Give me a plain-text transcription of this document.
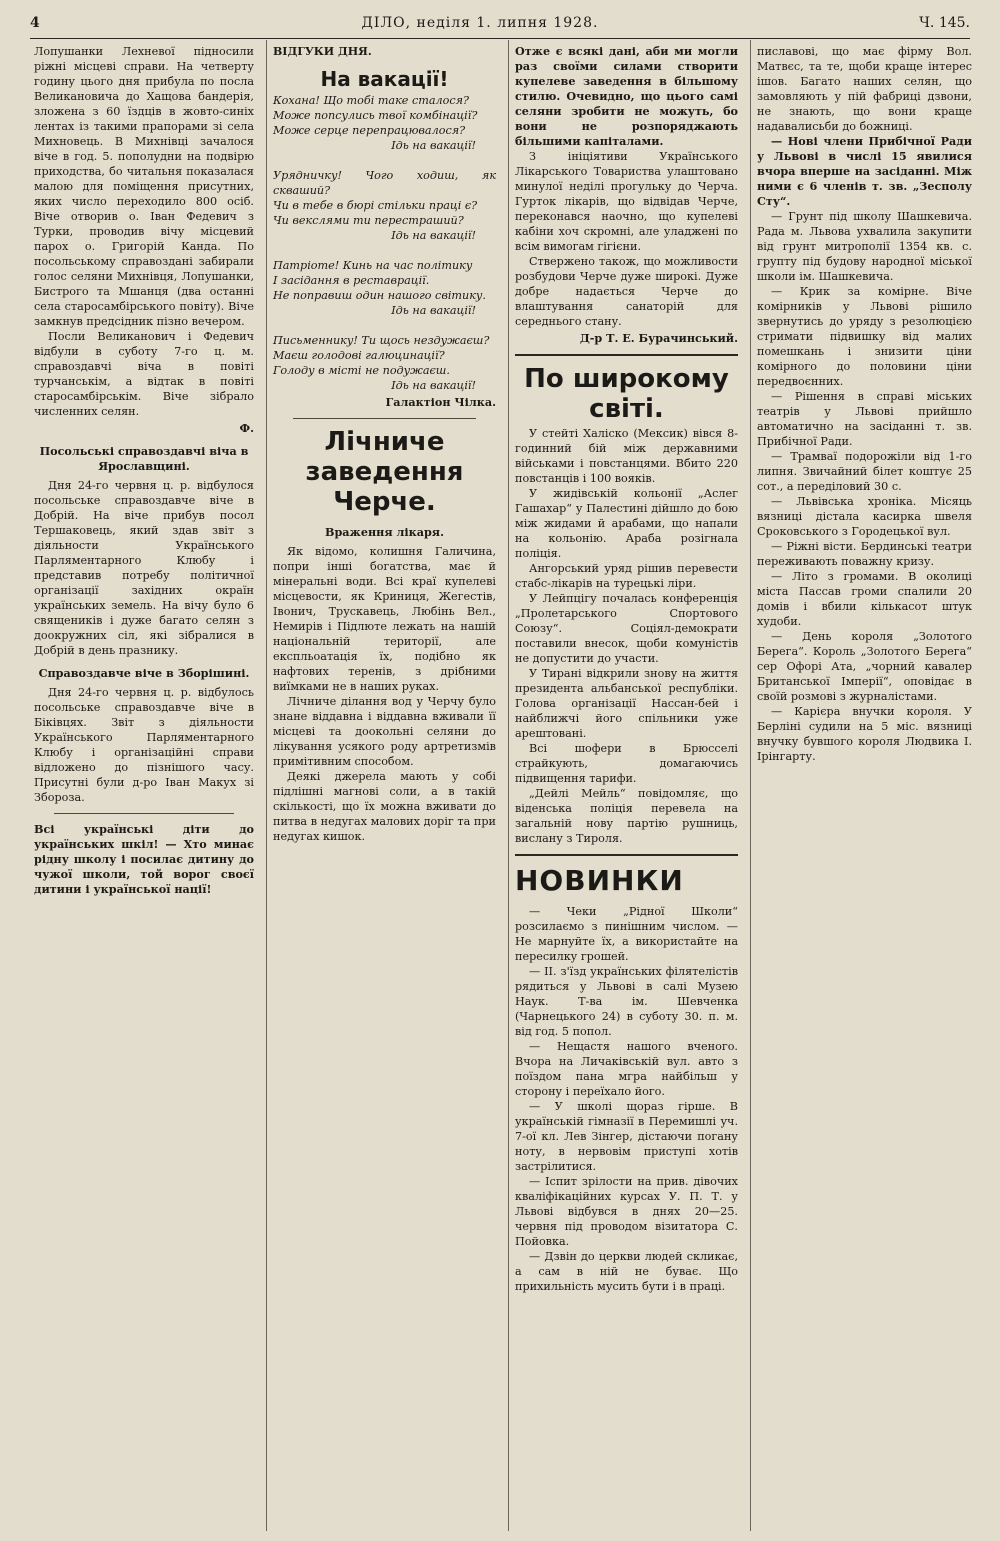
4	ДІЛО, неділя 1. липня 1928.	Ч. 145.

Лопушанки Лехневої підносили ріжні місцеві справи. На четверту годину цього дня прибула по посла Великановича до Хащова бандерія, зложена з 60 їздців в жовто-синіх лентах із такими прапорами зі села Михновець. В Михнівці зачалося віче в год. 5. пополудни на подвірю приходства, бо читальня показалася малою для поміщення присутних, яких число переходило 800 осіб. Віче отворив о. Іван Федевич з Турки, проводив вічу місцевий парох о. Григорій Канда. По посольському справоздані забирали голос селяни Михнівця, Лопушанки, Бистрого та Мшанця (два останні села старосамбірського повіту). Віче замкнув предсідник пізно вечером.

Посли Великанович і Федевич відбули в суботу 7-го ц. м. справоздавчі віча в повіті турчанськім, а відтак в повіті старосамбірськім. Віче зібрало численних селян.

Ф.

Посольські справоздавчі віча в Ярославщині.

Дня 24-го червня ц. р. відбулося посольське справоздавче віче в Добрій. На віче прибув посол Тершаковець, який здав звіт з діяльности Українського Парляментарного Клюбу і представив потребу політичної організації західних окраїн українських земель. На вічу було 6 священиків і дуже багато селян з доокружних сіл, які зібралися в Добрій в день празнику.

Справоздавче віче в Зборішині.

Дня 24-го червня ц. р. відбулось посольське справоздавче віче в Біківцях. Звіт з діяльности Українського Парляментарного Клюбу і організаційні справи відложено до пізнішого часу. Присутні були д-ро Іван Макух зі Збороза.

Всі українські діти до українських шкіл! — Хто минає рідну школу і посилає дитину до чужої школи, той ворог своєї дитини і української нації!

ВІДГУКИ ДНЯ.

На вакації!

Кохана! Що тобі таке сталося?

Може попсулись твої комбінації?

Може серце перепрацювалося?

Ідь на вакації!

Урядничку! Чого ходиш, як скваший?

Чи в тебе в бюрі стільки праці є?

Чи векслями ти перестраший?

Ідь на вакації!

Патріоте! Кинь на час політику

І засідання в реставрації.

Не поправиш один нашого світику.

Ідь на вакації!

Письменнику! Ти щось нездужаєш?

Маєш голодові галюцинації?

Голоду в місті не подужаєш.

Ідь на вакації!

Галактіон Чілка.

Лічниче заведення Черче.

Враження лікаря.

Як відомо, колишня Галичина, попри інші богатства, має й мінеральні води. Всі краї купелеві місцевости, як Криниця, Жегестів, Івонич, Трускавець, Любінь Вел., Немирів і Підлюте лежать на нашій національній території, але експльоатація їх, подібно як нафтових теренів, з дрібними виїмками не в наших руках.

Лічниче ділання вод у Черчу було знане віддавна і віддавна вживали її місцеві та доокольні селяни до лікування усякого роду артретизмів примітивним способом.

Деякі джерела мають у собі підлішні магнові соли, а в такій скількості, що їх можна вживати до питва в недугах малових доріг та при недугах кишок.

Отже є всякі дані, аби ми могли раз своїми силами створити купелеве заведення в більшому стилю. Очевидно, що цього самі селяни зробити не можуть, бо вони не розпоряджають більшими капіталами.

З ініціятиви Українського Лікарського Товариства улаштовано минулої неділі прогульку до Черча. Гурток лікарів, що відвідав Черче, переконався наочно, що купелеві кабіни хоч скромні, але уладжені по всім вимогам гігієни.

Ствержено також, що можливости розбудови Черче дуже широкі. Дуже добре надається Черче до влаштування санаторій для середнього стану.

Д-р Т. Е. Бурачинський.

По широкому світі.

У стейті Халіско (Мексик) вівся 8-годинний бій між державними військами і повстанцями. Вбито 220 повстанців і 100 вояків.

У жидівській кольонії „Аслег Гашахар“ у Палестині дійшло до бою між жидами й арабами, що напали на кольонію. Араба розігнала поліція.

Ангорський уряд рішив перевести стабс-лікарів на турецькі ліри.

У Лейпцігу почалась конференція „Пролетарського Спортового Союзу“. Соціял-демократи поставили внесок, щоби комуністів не допустити до участи.

У Тирані відкрили знову на життя президента альбанської республіки. Голова організації Нассан-бей і найближчі його спільники уже арештовані.

Всі шофери в Брюсселі страйкують, домагаючись підвищення тарифи.

„Дейлі Мейль“ повідомляє, що віденська поліція перевела на загальній нову партію рушниць, вислану з Тирoля.

НОВИНКИ

— Чеки „Рідної Школи“ розсилаємо з пинішним числом. — Не марнуйте їх, а використайте на пересилку грошей.

— II. з'їзд українських філятелістів рядиться у Львові в салі Музею Наук. Т-ва ім. Шевченка (Чарнецького 24) в суботу 30. п. м. від год. 5 попол.

— Нещастя нашого вченого. Вчора на Личаківській вул. авто з поїздом пана мгра найбільш у сторону і переїхало його.

— У школі щораз гірше. В українській гімназії в Перемишлі уч. 7-ої кл. Лев Зінгер, дістаючи погану ноту, в нервовім приступі хотів застрілитися.

— Іспит зрілости на прив. дівочих кваліфікаційних курсах У. П. Т. у Львові відбувся в днях 20—25. червня під проводом візитатора С. Пойовка.

— Дзвін до церкви людей скликає, а сам в ній не буває. Що прихильність мусить бути і в праці.

пиславові, що має фірму Вол. Матвєс, та те, щоби краще інтерес ішов. Багато наших селян, що замовляють у пій фабриці дзвони, не знають, що вони краще надавалисьби до божниці.

— Нові члени Прибічної Ради у Львові в числі 15 явилися вчора вперше на засіданні. Між ними є 6 членів т. зв. „Зесполу Сту“.

— Грунт під школу Шашкевича. Рада м. Львова ухвалила закупити від грунт митрополії 1354 кв. с. групту під будову народної міської школи ім. Шашкевича.

— Крик за комірне. Віче комірників у Львові рішило звернутись до уряду з резолюцією стримати підвишку від малих помешкань і знизити ціни комірного до половини ціни передвоєнних.

— Рішення в справі міських театрів у Львові прийшло автоматично на засіданні т. зв. Прибічної Ради.

— Трамваї подорожіли від 1-го липня. Звичайний білет коштує 25 сот., а переділовий 30 с.

— Львівська хроніка. Місяць вязниці дістала касирка швеля Сроковського з Городецької вул.

— Ріжні вісти. Бердинські театри переживають поважну кризу.

— Літо з громами. В околиці міста Пассав громи спалили 20 домів і вбили кількасот штук худоби.

— День короля „Золотого Берега“. Король „Золотого Берега“ сер Офорі Ата, „чорний кавалер Британської Імперії“, оповідає в своїй розмові з журналістами.

— Карієра внучки короля. У Берліні судили на 5 міс. вязниці внучку бувшого короля Людвика І. Ірінгарту.
